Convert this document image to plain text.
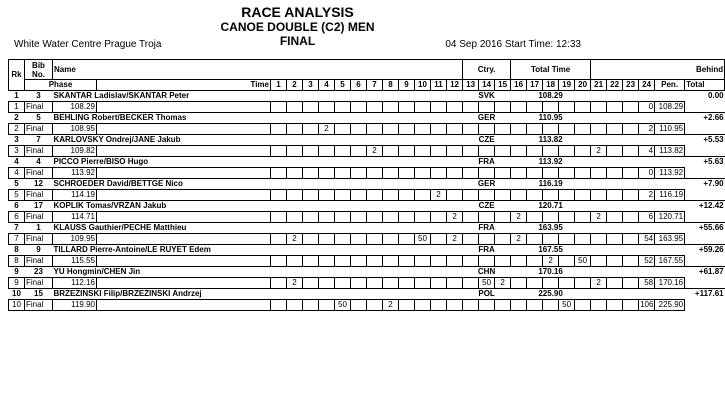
RACE ANALYSIS
CANOE DOUBLE (C2) MEN
FINAL
White Water Centre Prague Troja	04 Sep 2016 Start Time: 12:33
Rk	Bib No.	Name														Ctry.			Total Time					Behind					
	Phase		Time	1	2	3	4	5	6	7	8	9	10	11	12	13	14	15	16	17	18	19	20	21	22	23	24	Pen.	Total
1	3	SKANTAR Ladislav/SKANTAR Peter														SVK			108.29					0.00					
1	Final	108.29																									0	108.29	
2	5	BEHLING Robert/BECKER Thomas														GER			110.95					+2.66					
2	Final	108.95					2																				2	110.95	
3	7	KARLOVSKY Ondrej/JANE Jakub														CZE			113.82					+5.53					
3	Final	109.82								2														2			4	113.82	
4	4	PICCO Pierre/BISO Hugo														FRA			113.92					+5.63					
4	Final	113.92																									0	113.92	
5	12	SCHROEDER David/BETTGE Nico														GER			116.19					+7.90					
5	Final	114.19												2													2	116.19	
6	17	KOPLIK Tomas/VRZAN Jakub														CZE			120.71					+12.42					
6	Final	114.71													2				2					2			6	120.71	
7	1	KLAUSS Gauthier/PECHE Matthieu														FRA			163.95					+55.66					
7	Final	109.95			2								50		2				2								54	163.95	
8	9	TILLARD Pierre-Antoine/LE RUYET Edem														FRA			167.55					+59.26					
8	Final	115.55																			2		50				52	167.55	
9	23	YU Hongmin/CHEN Jin														CHN			170.16					+61.87					
9	Final	112.16			2												50	2						2			58	170.16	
10	15	BRZEZINSKI Filip/BRZEZINSKI Andrzej														POL			225.90					+117.61					
10	Final	119.90						50			2											50					106	225.90	
